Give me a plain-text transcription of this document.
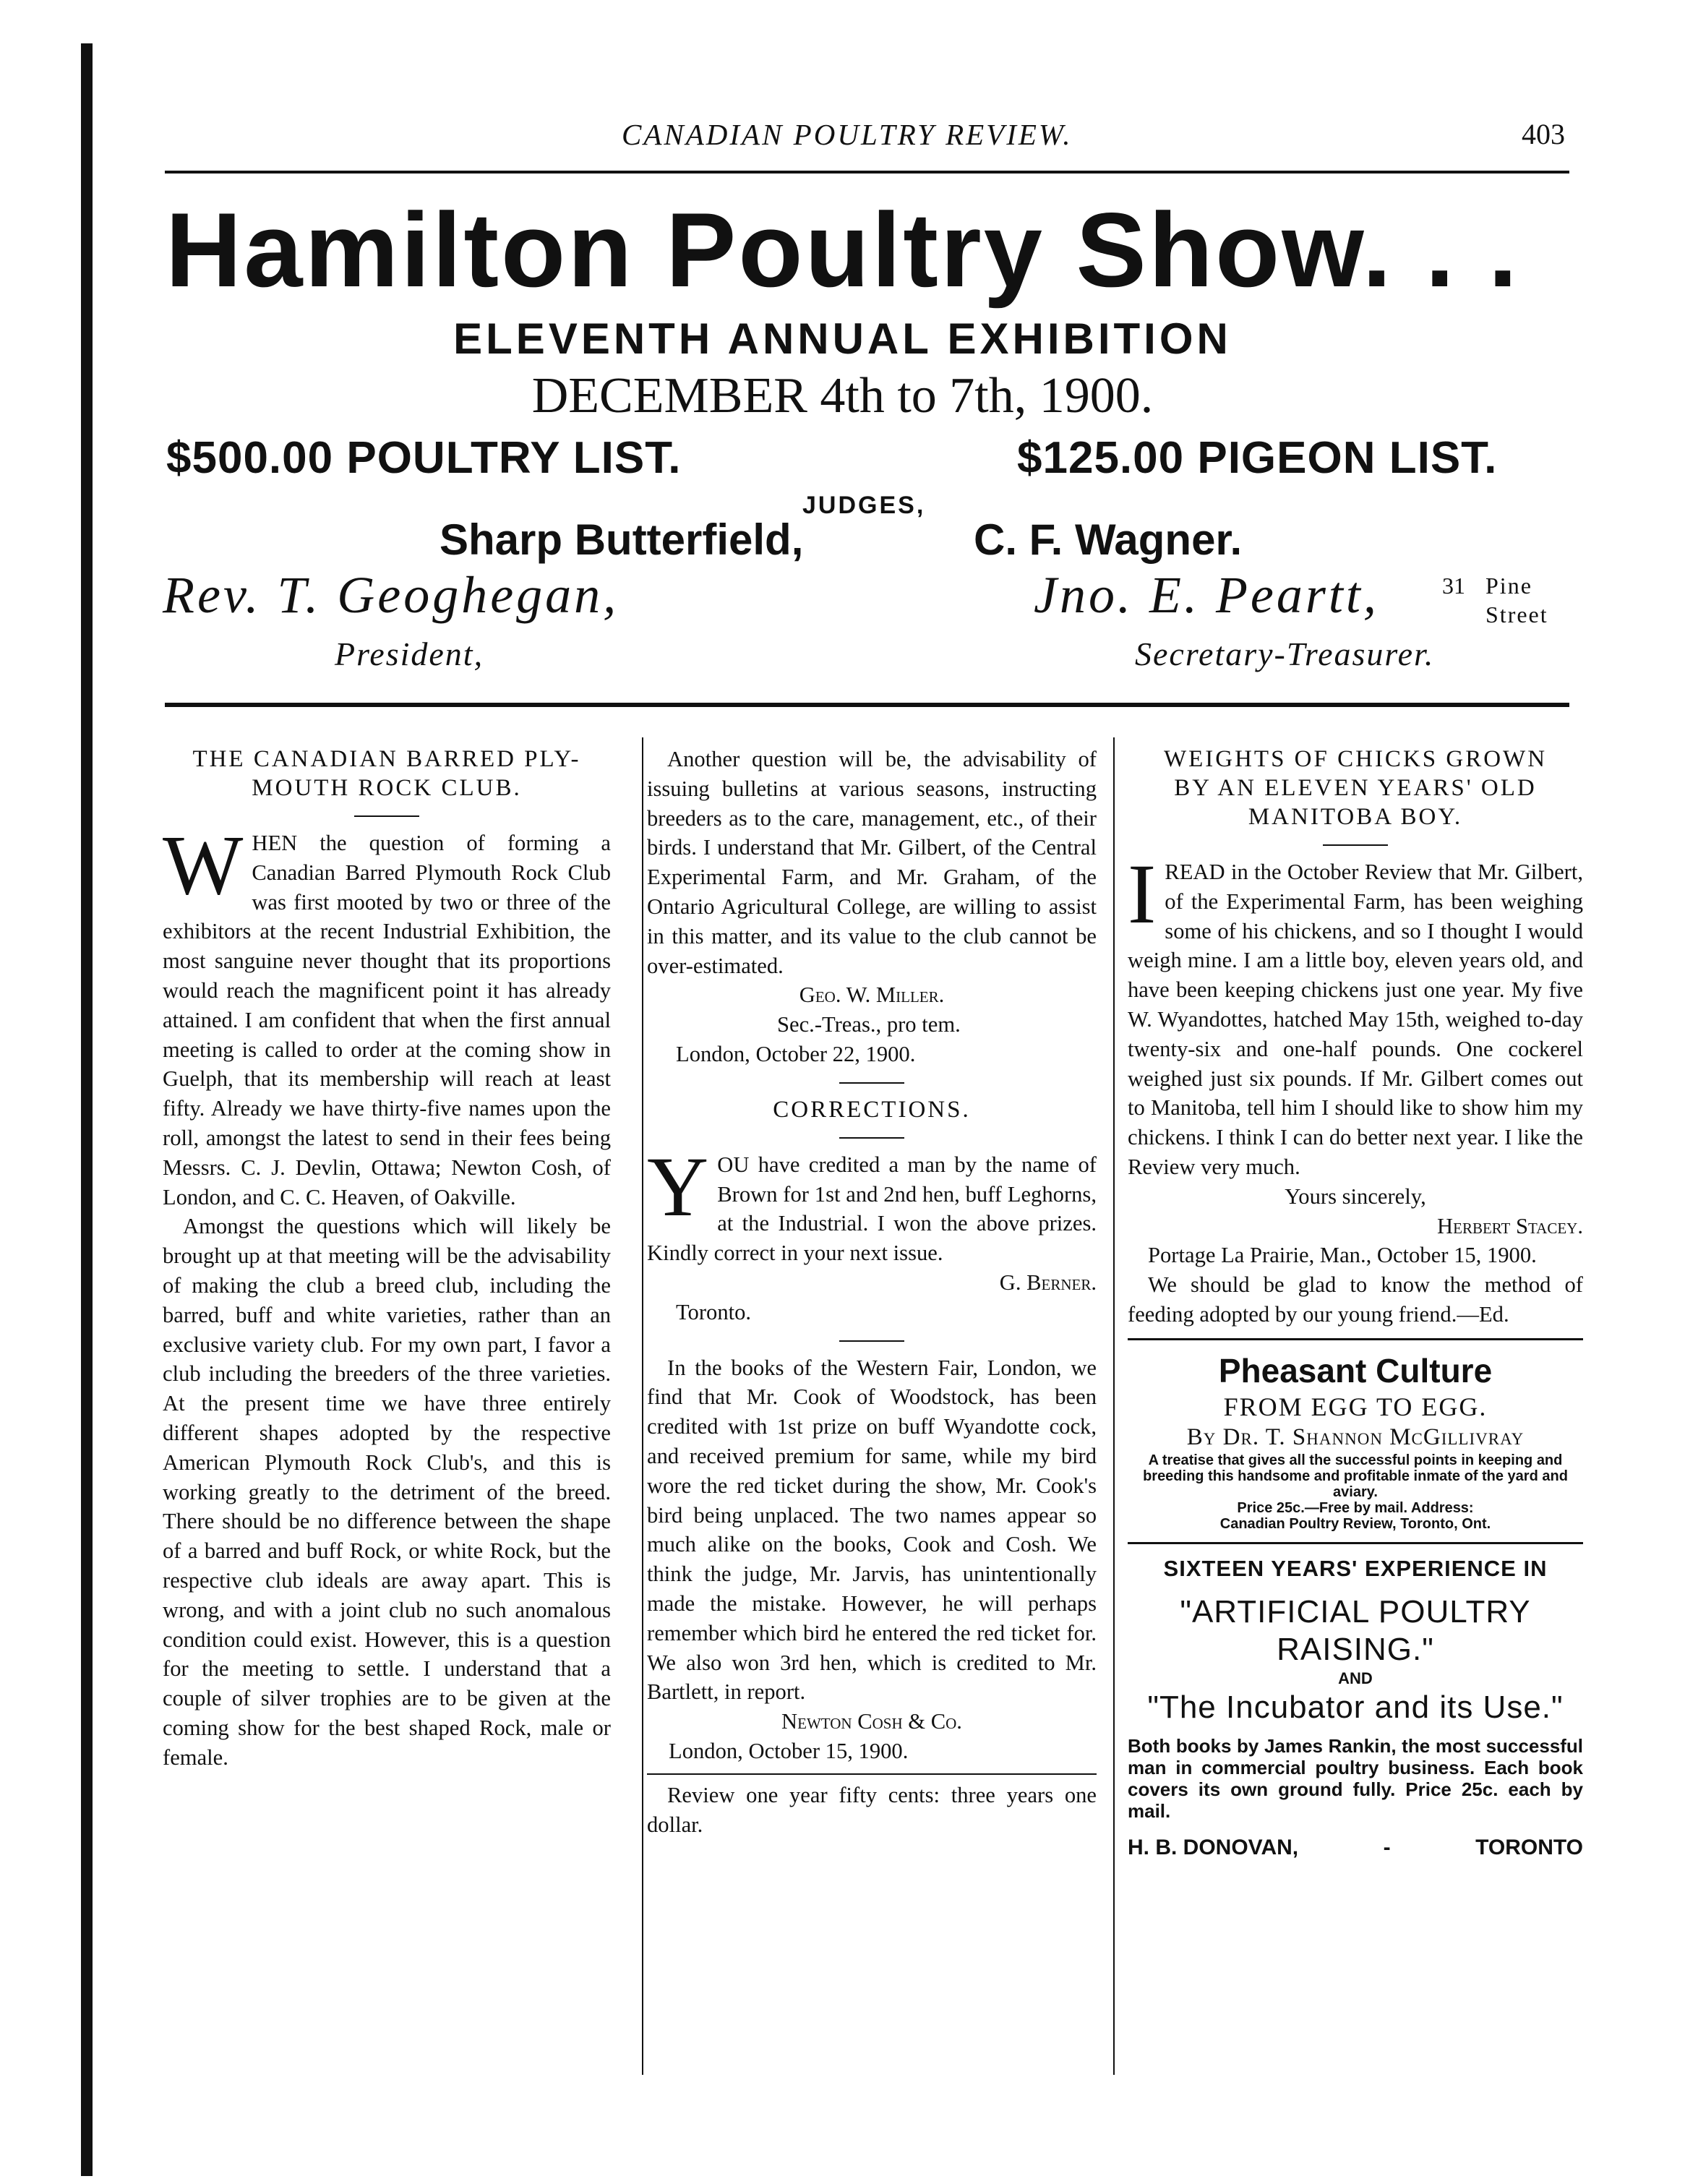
CANADIAN POULTRY REVIEW.	403
Hamilton Poultry Show. . .
ELEVENTH ANNUAL EXHIBITION
DECEMBER 4th to 7th, 1900.
$500.00 POULTRY LIST.	$125.00 PIGEON LIST.
JUDGES,
Sharp Butterfield,	C. F. Wagner.
Rev. T. Geoghegan,	Jno. E. Peartt,
President,	Secretary-Treasurer.
31 Pine
Street

THE CANADIAN BARRED PLY-
MOUTH ROCK CLUB.

WHEN the question of forming a Canadian Barred Plymouth Rock Club was first mooted by two or three of the exhibitors at the recent Industrial Exhibition, the most sanguine never thought that its proportions would reach the magnificent point it has already attained. I am confident that when the first annual meeting is called to order at the coming show in Guelph, that its membership will reach at least fifty. Already we have thirty-five names upon the roll, amongst the latest to send in their fees being Messrs. C. J. Devlin, Ottawa; Newton Cosh, of London, and C. C. Heaven, of Oakville.

Amongst the questions which will likely be brought up at that meeting will be the advisability of making the club a breed club, including the barred, buff and white varieties, rather than an exclusive variety club. For my own part, I favor a club including the breeders of the three varieties. At the present time we have three entirely different shapes adopted by the respective American Plymouth Rock Club's, and this is working greatly to the detriment of the breed. There should be no difference between the shape of a barred and buff Rock, or white Rock, but the respective club ideals are away apart. This is wrong, and with a joint club no such anomalous condition could exist. However, this is a question for the meeting to settle. I understand that a couple of silver trophies are to be given at the coming show for the best shaped Rock, male or female.

Another question will be, the advisability of issuing bulletins at various seasons, instructing breeders as to the care, management, etc., of their birds. I understand that Mr. Gilbert, of the Central Experimental Farm, and Mr. Graham, of the Ontario Agricultural College, are willing to assist in this matter, and its value to the club cannot be over-estimated.

Geo. W. Miller.

Sec.-Treas., pro tem.

London, October 22, 1900.

CORRECTIONS.

YOU have credited a man by the name of Brown for 1st and 2nd hen, buff Leghorns, at the Industrial. I won the above prizes. Kindly correct in your next issue.

G. Berner.

Toronto.

In the books of the Western Fair, London, we find that Mr. Cook of Woodstock, has been credited with 1st prize on buff Wyandotte cock, and received premium for same, while my bird wore the red ticket during the show, Mr. Cook's bird being unplaced. The two names appear so much alike on the books, Cook and Cosh. We think the judge, Mr. Jarvis, has unintentionally made the mistake. However, he will perhaps remember which bird he entered the red ticket for. We also won 3rd hen, which is credited to Mr. Bartlett, in report.

Newton Cosh & Co.

London, October 15, 1900.

Review one year fifty cents: three years one dollar.

WEIGHTS OF CHICKS GROWN
BY AN ELEVEN YEARS' OLD
MANITOBA BOY.

IREAD in the October Review that Mr. Gilbert, of the Experimental Farm, has been weighing some of his chickens, and so I thought I would weigh mine. I am a little boy, eleven years old, and have been keeping chickens just one year. My five W. Wyandottes, hatched May 15th, weighed to-day twenty-six and one-half pounds. One cockerel weighed just six pounds. If Mr. Gilbert comes out to Manitoba, tell him I should like to show him my chickens. I think I can do better next year. I like the Review very much.

Yours sincerely,

Herbert Stacey.

Portage La Prairie, Man., October 15, 1900.

We should be glad to know the method of feeding adopted by our young friend.—Ed.

Pheasant Culture

FROM EGG TO EGG.

By Dr. T. Shannon McGillivray

A treatise that gives all the successful points in keeping and breeding this handsome and profitable inmate of the yard and aviary.
Price 25c.—Free by mail. Address:
Canadian Poultry Review, Toronto, Ont.

SIXTEEN YEARS' EXPERIENCE IN

"ARTIFICIAL POULTRY RAISING."

AND

"The Incubator and its Use."

Both books by James Rankin, the most successful man in commercial poultry business. Each book covers its own ground fully. Price 25c. each by mail.

H. B. DONOVAN,	-	TORONTO
